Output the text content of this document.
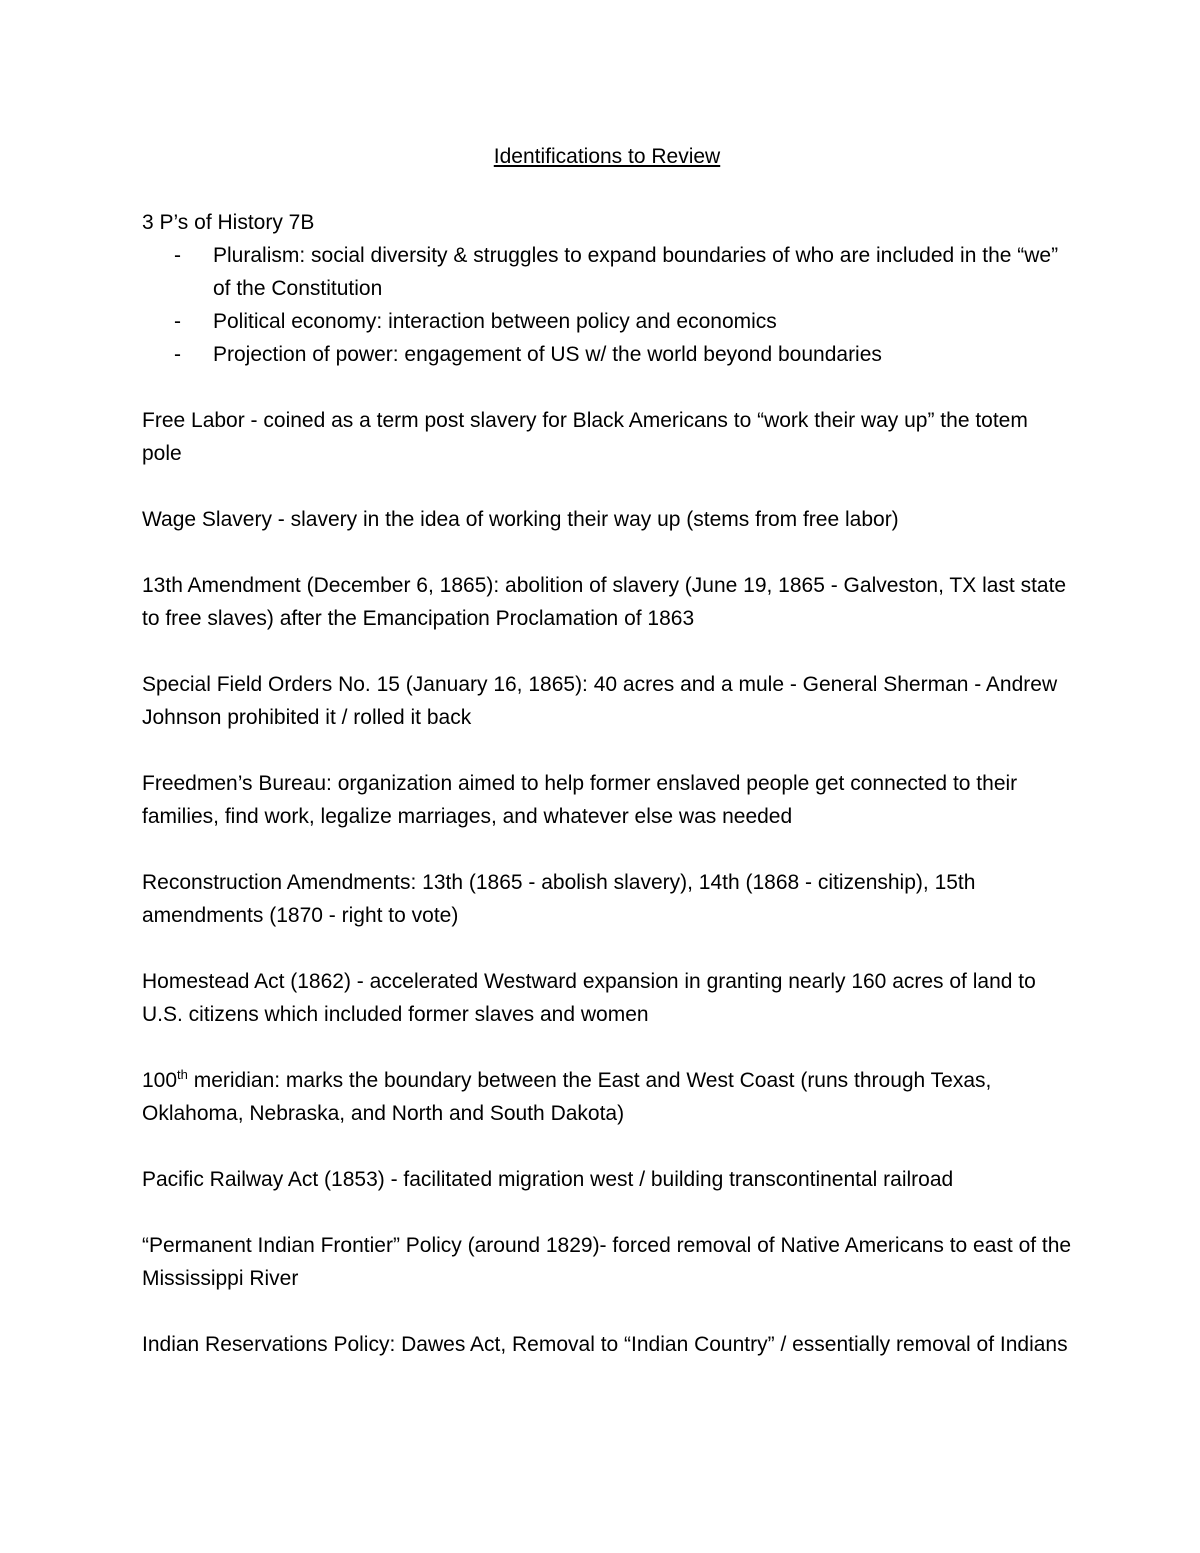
Identifications to Review

3 P’s of History 7B

- Pluralism: social diversity & struggles to expand boundaries of who are included in the “we” of the Constitution
- Political economy: interaction between policy and economics
- Projection of power: engagement of US w/ the world beyond boundaries

Free Labor - coined as a term post slavery for Black Americans to “work their way up” the totem pole

Wage Slavery - slavery in the idea of working their way up (stems from free labor)

13th Amendment (December 6, 1865): abolition of slavery (June 19, 1865 - Galveston, TX last state to free slaves) after the Emancipation Proclamation of 1863

Special Field Orders No. 15 (January 16, 1865): 40 acres and a mule - General Sherman - Andrew Johnson prohibited it / rolled it back

Freedmen’s Bureau: organization aimed to help former enslaved people get connected to their families, find work, legalize marriages, and whatever else was needed

Reconstruction Amendments: 13th (1865 - abolish slavery), 14th (1868 - citizenship), 15th amendments (1870 - right to vote)

Homestead Act (1862) - accelerated Westward expansion in granting nearly 160 acres of land to U.S. citizens which included former slaves and women

100th meridian: marks the boundary between the East and West Coast (runs through Texas, Oklahoma, Nebraska, and North and South Dakota)

Pacific Railway Act (1853) - facilitated migration west / building transcontinental railroad

“Permanent Indian Frontier” Policy (around 1829)- forced removal of Native Americans to east of the Mississippi River

Indian Reservations Policy: Dawes Act, Removal to “Indian Country” / essentially removal of Indians
